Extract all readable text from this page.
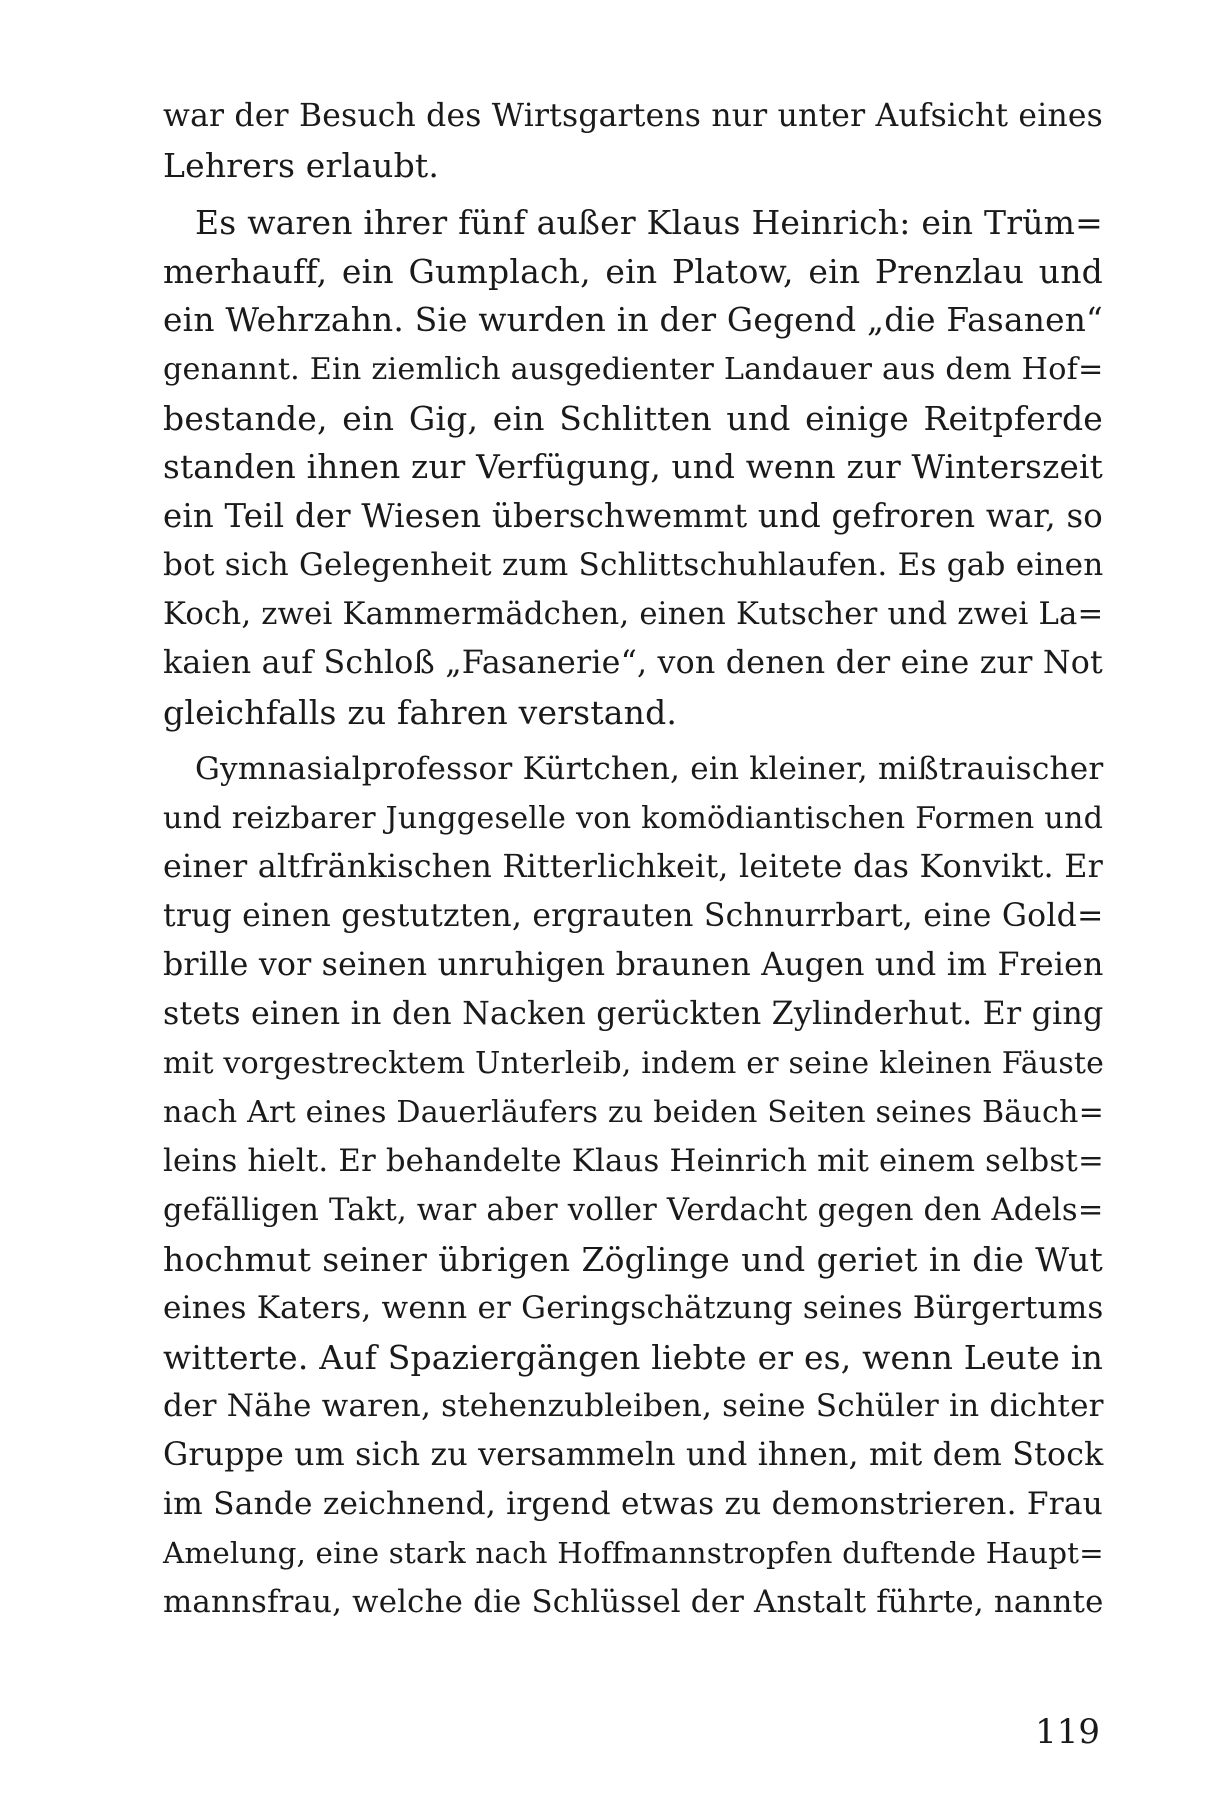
war der Besuch des Wirtsgartens nur unter Aufsicht eines
Lehrers erlaubt.
Es waren ihrer fünf außer Klaus Heinrich: ein Trüm=
merhauff, ein Gumplach, ein Platow, ein Prenzlau und
ein Wehrzahn. Sie wurden in der Gegend „die Fasanen“
genannt. Ein ziemlich ausgedienter Landauer aus dem Hof=
bestande, ein Gig, ein Schlitten und einige Reitpferde
standen ihnen zur Verfügung, und wenn zur Winterszeit
ein Teil der Wiesen überschwemmt und gefroren war, so
bot sich Gelegenheit zum Schlittschuhlaufen. Es gab einen
Koch, zwei Kammermädchen, einen Kutscher und zwei La=
kaien auf Schloß „Fasanerie“, von denen der eine zur Not
gleichfalls zu fahren verstand.
Gymnasialprofessor Kürtchen, ein kleiner, mißtrauischer
und reizbarer Junggeselle von komödiantischen Formen und
einer altfränkischen Ritterlichkeit, leitete das Konvikt. Er
trug einen gestutzten, ergrauten Schnurrbart, eine Gold=
brille vor seinen unruhigen braunen Augen und im Freien
stets einen in den Nacken gerückten Zylinderhut. Er ging
mit vorgestrecktem Unterleib, indem er seine kleinen Fäuste
nach Art eines Dauerläufers zu beiden Seiten seines Bäuch=
leins hielt. Er behandelte Klaus Heinrich mit einem selbst=
gefälligen Takt, war aber voller Verdacht gegen den Adels=
hochmut seiner übrigen Zöglinge und geriet in die Wut
eines Katers, wenn er Geringschätzung seines Bürgertums
witterte. Auf Spaziergängen liebte er es, wenn Leute in
der Nähe waren, stehenzubleiben, seine Schüler in dichter
Gruppe um sich zu versammeln und ihnen, mit dem Stock
im Sande zeichnend, irgend etwas zu demonstrieren. Frau
Amelung, eine stark nach Hoffmannstropfen duftende Haupt=
mannsfrau, welche die Schlüssel der Anstalt führte, nannte
119
